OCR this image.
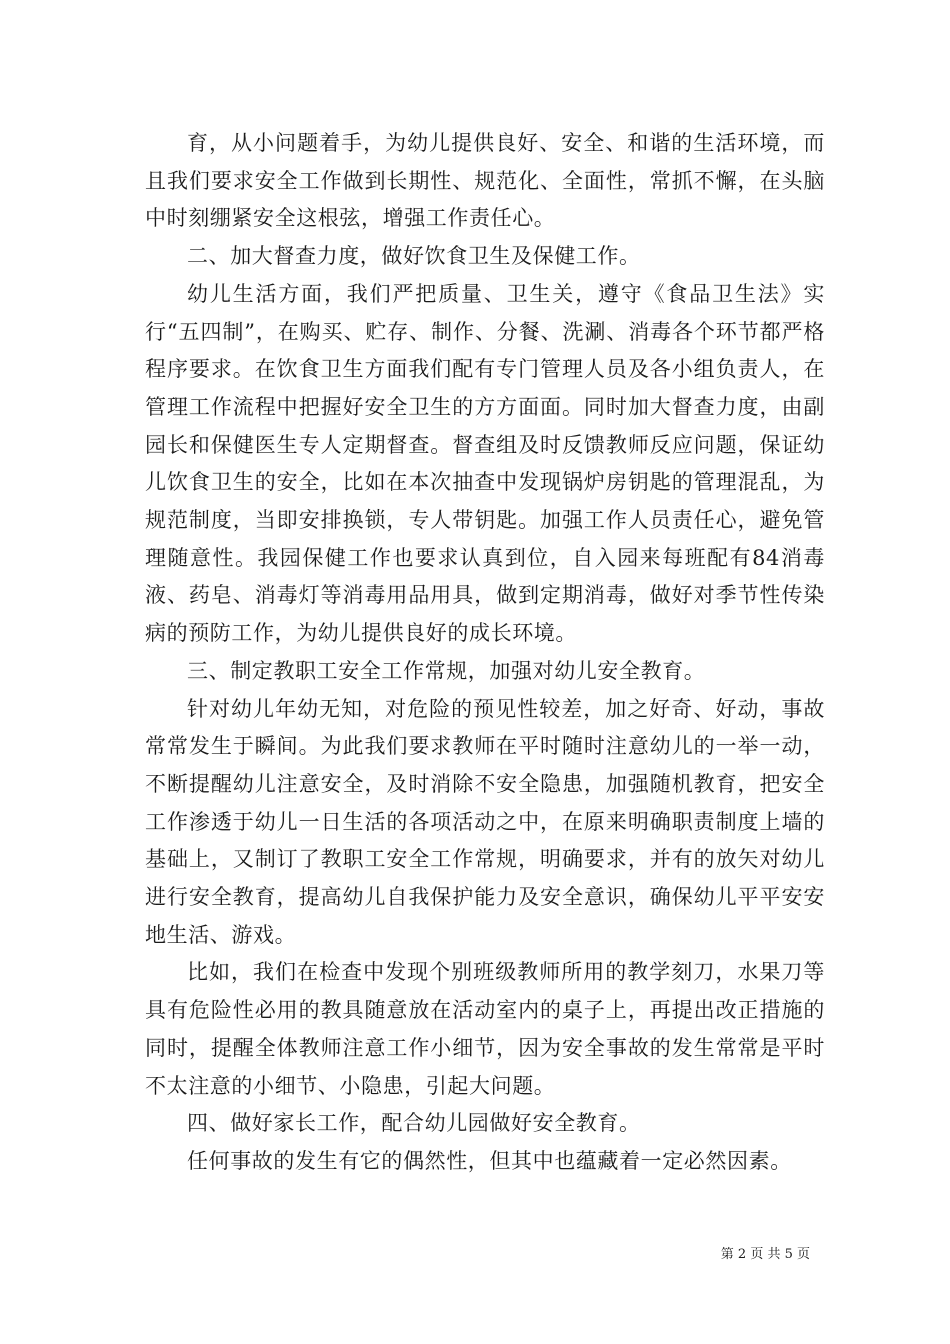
育，从小问题着手，为幼儿提供良好、安全、和谐的生活环境，而且我们要求安全工作做到长期性、规范化、全面性，常抓不懈，在头脑中时刻绷紧安全这根弦，增强工作责任心。

二、加大督查力度，做好饮食卫生及保健工作。

幼儿生活方面，我们严把质量、卫生关，遵守《食品卫生法》实行“五四制”，在购买、贮存、制作、分餐、洗涮、消毒各个环节都严格程序要求。在饮食卫生方面我们配有专门管理人员及各小组负责人，在管理工作流程中把握好安全卫生的方方面面。同时加大督查力度，由副园长和保健医生专人定期督查。督查组及时反馈教师反应问题，保证幼儿饮食卫生的安全，比如在本次抽查中发现锅炉房钥匙的管理混乱，为规范制度，当即安排换锁，专人带钥匙。加强工作人员责任心，避免管理随意性。我园保健工作也要求认真到位，自入园来每班配有84消毒液、药皂、消毒灯等消毒用品用具，做到定期消毒，做好对季节性传染病的预防工作，为幼儿提供良好的成长环境。

三、制定教职工安全工作常规，加强对幼儿安全教育。

针对幼儿年幼无知，对危险的预见性较差，加之好奇、好动，事故常常发生于瞬间。为此我们要求教师在平时随时注意幼儿的一举一动，不断提醒幼儿注意安全，及时消除不安全隐患，加强随机教育，把安全工作渗透于幼儿一日生活的各项活动之中，在原来明确职责制度上墙的基础上，又制订了教职工安全工作常规，明确要求，并有的放矢对幼儿进行安全教育，提高幼儿自我保护能力及安全意识，确保幼儿平平安安地生活、游戏。

比如，我们在检查中发现个别班级教师所用的教学刻刀，水果刀等具有危险性必用的教具随意放在活动室内的桌子上，再提出改正措施的同时，提醒全体教师注意工作小细节，因为安全事故的发生常常是平时不太注意的小细节、小隐患，引起大问题。

四、做好家长工作，配合幼儿园做好安全教育。

任何事故的发生有它的偶然性，但其中也蕴藏着一定必然因素。

第 2 页 共 5 页
